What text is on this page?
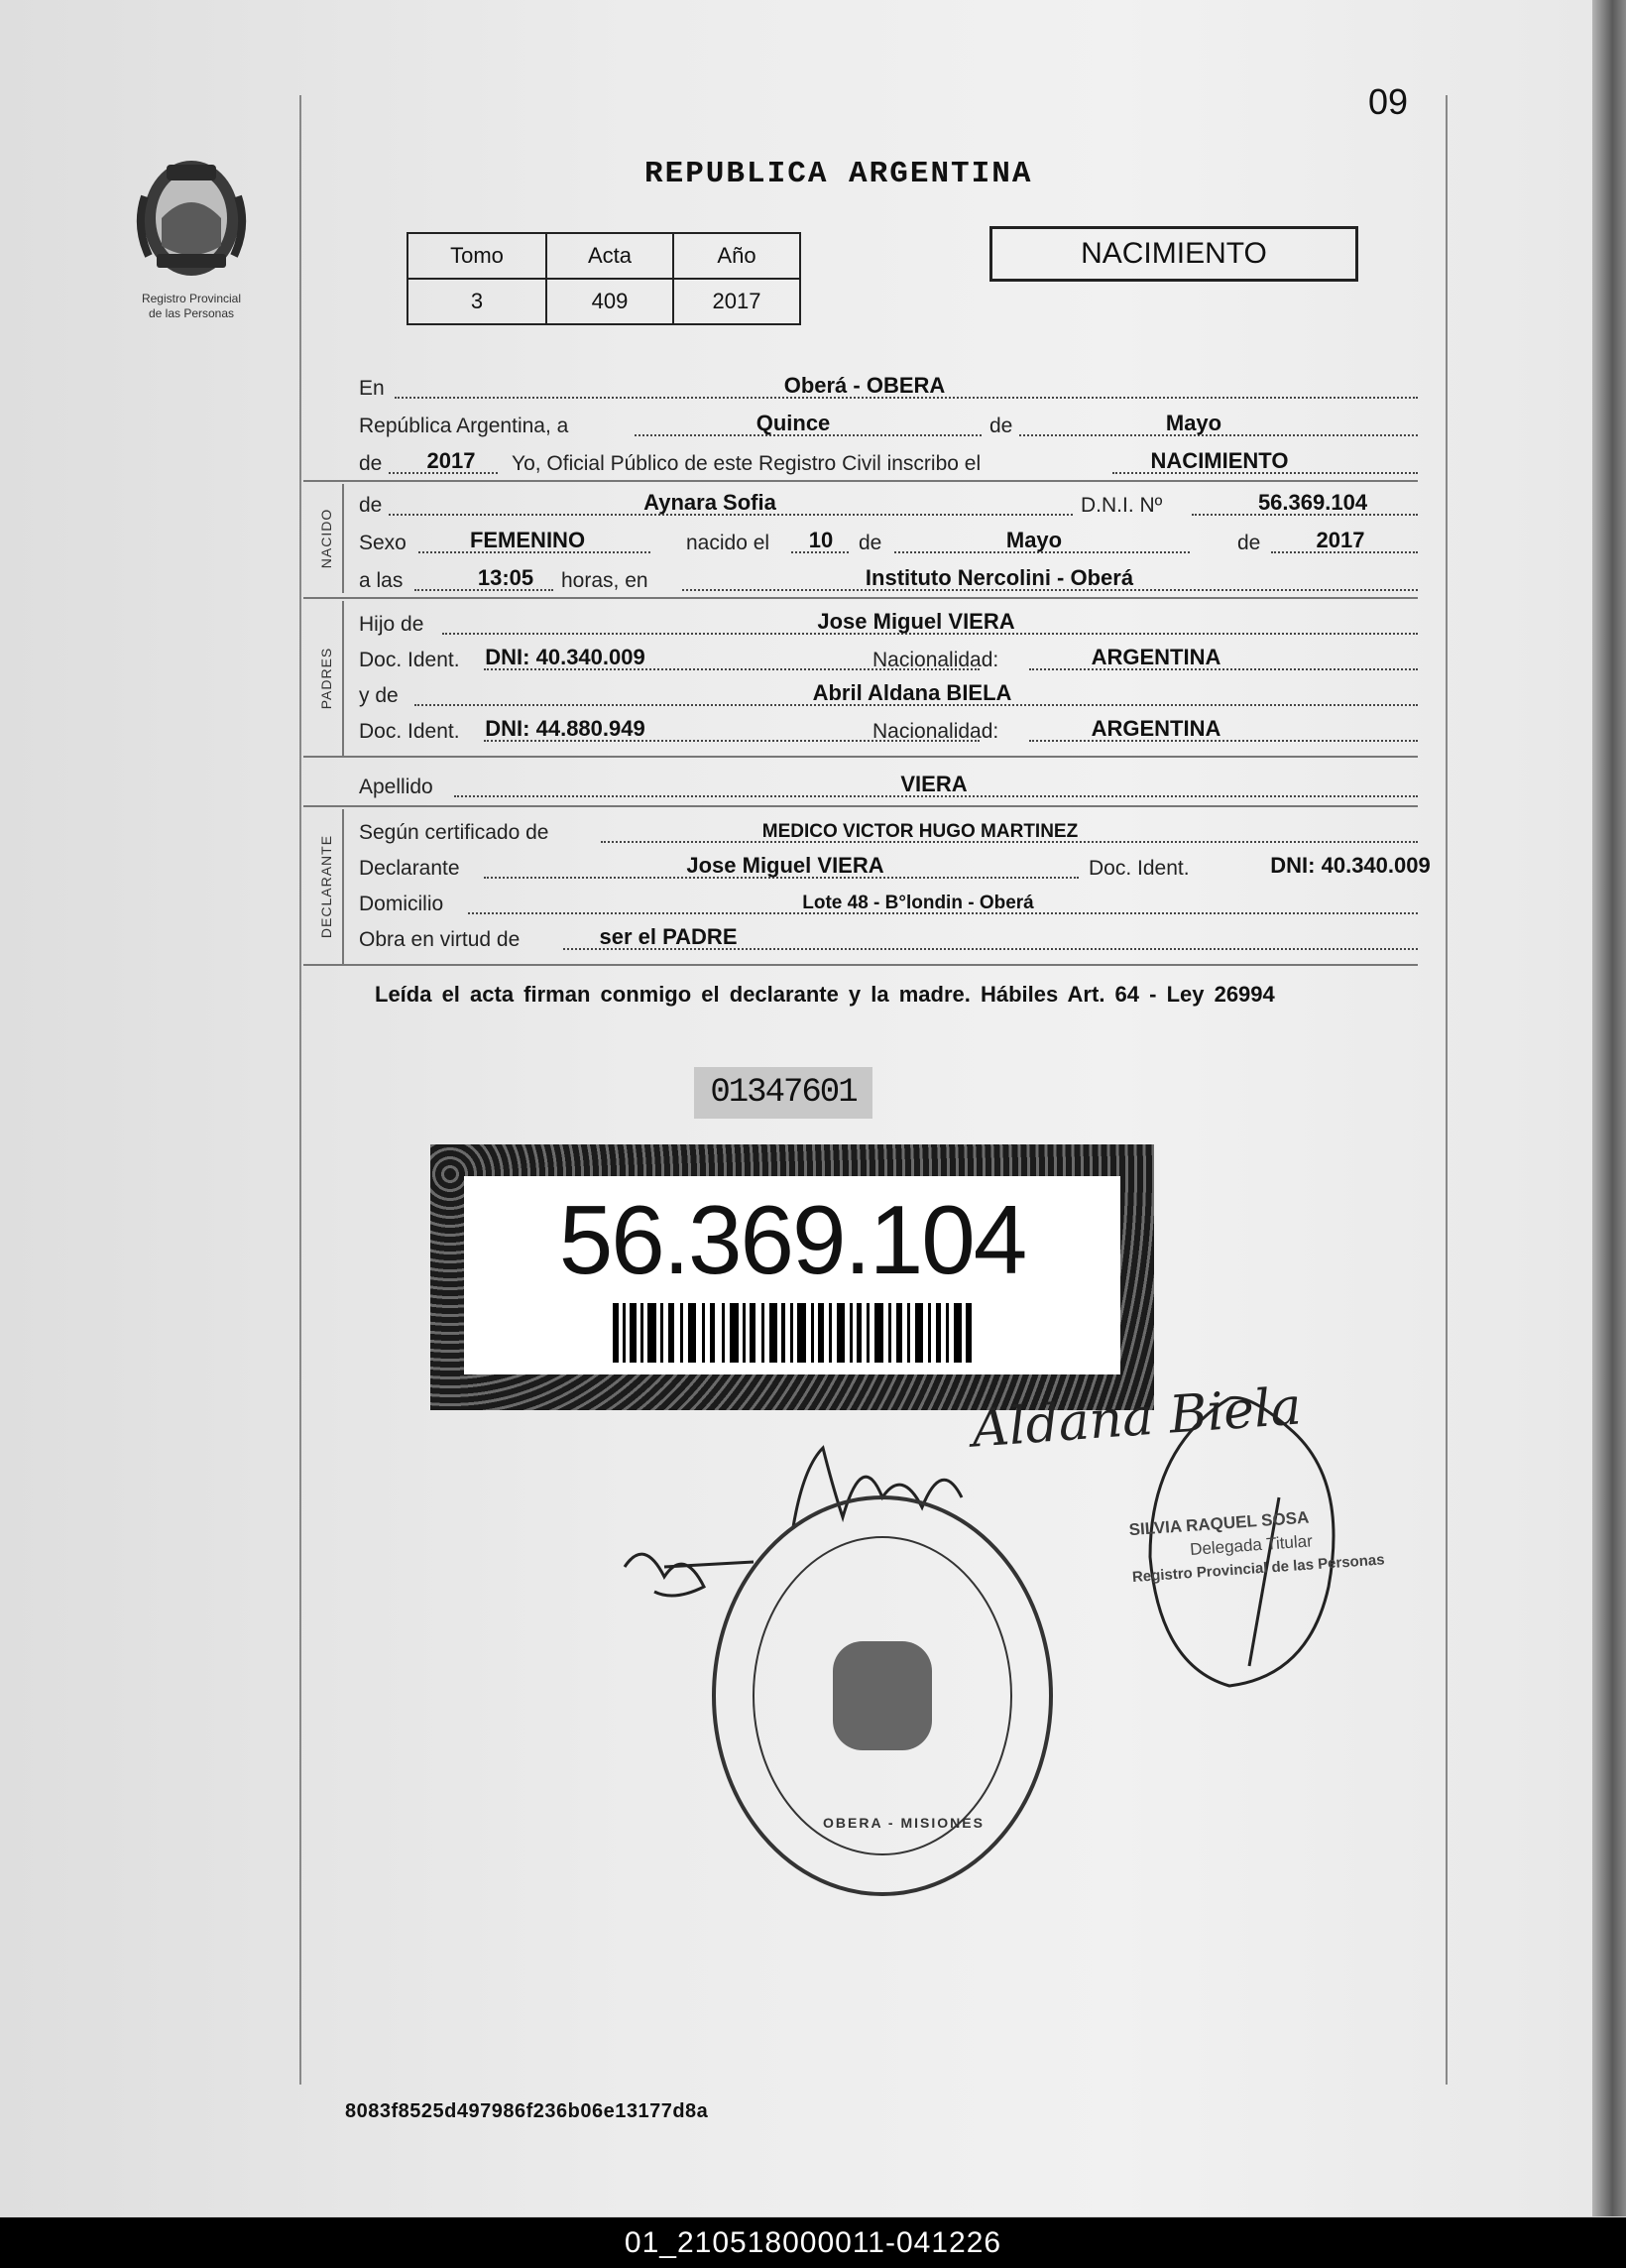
09
REPUBLICA ARGENTINA
Registro Provincial
de las Personas
Tomo	Acta	Año
3	409	2017
NACIMIENTO
En	Oberá - OBERA
República Argentina, a	Quince	de	Mayo
de 2017 Yo, Oficial Público de este Registro Civil inscribo el	NACIMIENTO
NACIDO
de	Aynara Sofia	D.N.I. Nº	56.369.104
Sexo	FEMENINO	nacido el 10 de	Mayo	de	2017
a las	13:05 horas, en	Instituto Nercolini - Oberá
PADRES
Hijo de	Jose Miguel VIERA
Doc. Ident. DNI: 40.340.009	Nacionalidad:	ARGENTINA
y de	Abril Aldana BIELA
Doc. Ident. DNI: 44.880.949	Nacionalidad:	ARGENTINA
Apellido	VIERA
DECLARANTE
Según certificado de	MEDICO VICTOR HUGO MARTINEZ
Declarante	Jose Miguel VIERA	Doc. Ident.	DNI: 40.340.009
Domicilio	Lote 48 - B°londin - Oberá
Obra en virtud de	ser el PADRE
Leída el acta firman conmigo el declarante y la madre. Hábiles Art. 64 - Ley 26994
01347601
56.369.104
Aldana Biela
OBERA - MISIONES
SILVIA RAQUEL SOSA
Delegada Titular
Registro Provincial de las Personas
8083f8525d497986f236b06e13177d8a
01_210518000011-041226
